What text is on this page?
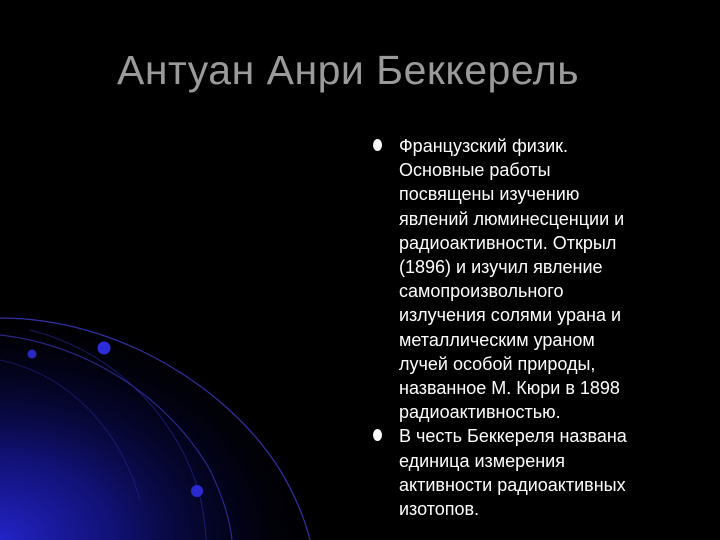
Антуан Анри Беккерель
Французский физик.
Основные работы
посвящены изучению
явлений люминесценции и
радиоактивности. Открыл
(1896) и изучил явление
самопроизвольного
излучения солями урана и
металлическим ураном
лучей особой природы,
названное М. Кюри в 1898
радиоактивностью.
В честь Беккереля названа
единица измерения
активности радиоактивных
изотопов.
